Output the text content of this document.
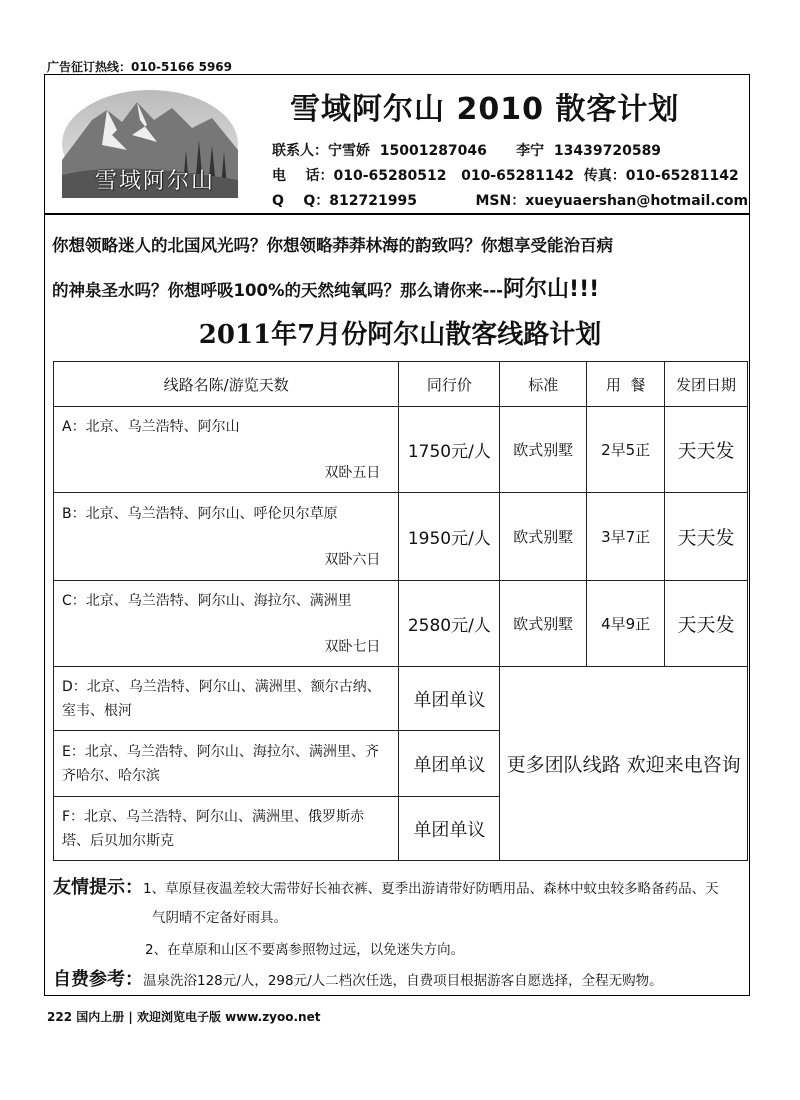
广告征订热线：010-5166 5969
雪域阿尔山
雪域阿尔山 2010 散客计划
联系人：宁雪娇  15001287046      李宁  13439720589
电    话：010-65280512   010-65281142  传真：010-65281142
Q    Q：812721995            MSN：xueyuaershan@hotmail.com
你想领略迷人的北国风光吗？你想领略莽莽林海的韵致吗？你想享受能治百病
的神泉圣水吗？你想呼吸100%的天然纯氧吗？那么请你来---阿尔山!!!
2011年7月份阿尔山散客线路计划
线路名陈/游览天数	同行价	标准	用  餐	发团日期

A：北京、乌兰浩特、阿尔山
双卧五日	1750元/人	欧式别墅	2早5正	天天发

B：北京、乌兰浩特、阿尔山、呼伦贝尔草原
双卧六日	1950元/人	欧式别墅	3早7正	天天发

C：北京、乌兰浩特、阿尔山、海拉尔、满洲里
双卧七日	2580元/人	欧式别墅	4早9正	天天发
D：北京、乌兰浩特、阿尔山、满洲里、额尔古纳、室韦、根河	单团单议	更多团队线路 欢迎来电咨询		
E：北京、乌兰浩特、阿尔山、海拉尔、满洲里、齐齐哈尔、哈尔滨	单团单议			
F：北京、乌兰浩特、阿尔山、满洲里、俄罗斯赤塔、后贝加尔斯克	单团单议			
友情提示：1、草原昼夜温差较大需带好长袖衣裤、夏季出游请带好防晒用品、森林中蚊虫较多略备药品、天
气阴晴不定备好雨具。
2、在草原和山区不要离参照物过远，以免迷失方向。
自费参考：温泉洗浴128元/人，298元/人二档次任选，自费项目根据游客自愿选择，全程无购物。
222 国内上册 | 欢迎浏览电子版 www.zyoo.net
